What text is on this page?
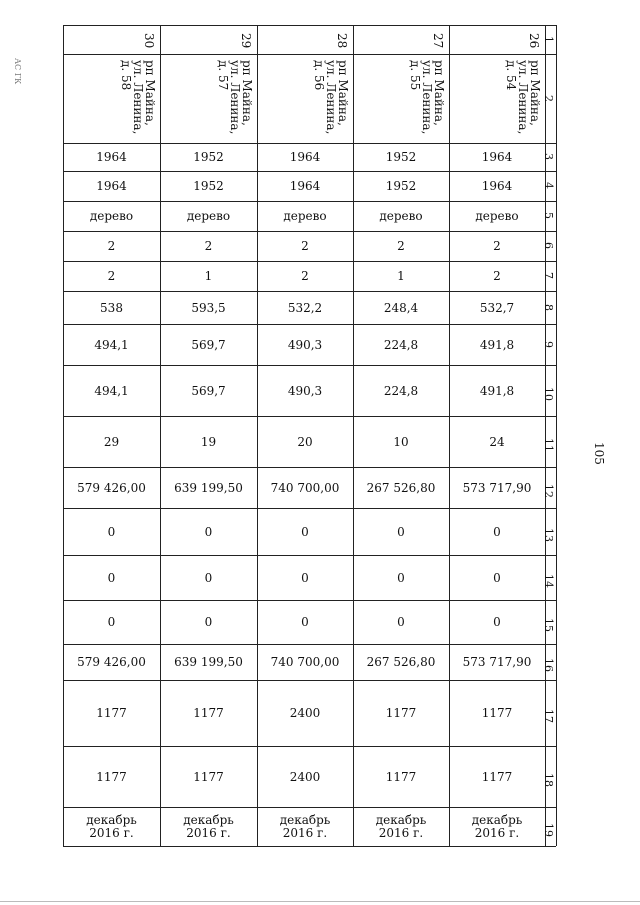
АС ГК
105
30
рп Майна,
ул. Ленина,
д. 58
1964
1964
дерево
2
2
538
494,1
494,1
29
579 426,00
0
0
0
579 426,00
1177
1177
декабрь
2016 г.
29
рп Майна,
ул. Ленина,
д. 57
1952
1952
дерево
2
1
593,5
569,7
569,7
19
639 199,50
0
0
0
639 199,50
1177
1177
декабрь
2016 г.
28
рп Майна,
ул. Ленина,
д. 56
1964
1964
дерево
2
2
532,2
490,3
490,3
20
740 700,00
0
0
0
740 700,00
2400
2400
декабрь
2016 г.
27
рп Майна,
ул. Ленина,
д. 55
1952
1952
дерево
2
1
248,4
224,8
224,8
10
267 526,80
0
0
0
267 526,80
1177
1177
декабрь
2016 г.
26
рп Майна,
ул. Ленина,
д. 54
1964
1964
дерево
2
2
532,7
491,8
491,8
24
573 717,90
0
0
0
573 717,90
1177
1177
декабрь
2016 г.
1
2
3
4
5
6
7
8
9
10
11
12
13
14
15
16
17
18
19
